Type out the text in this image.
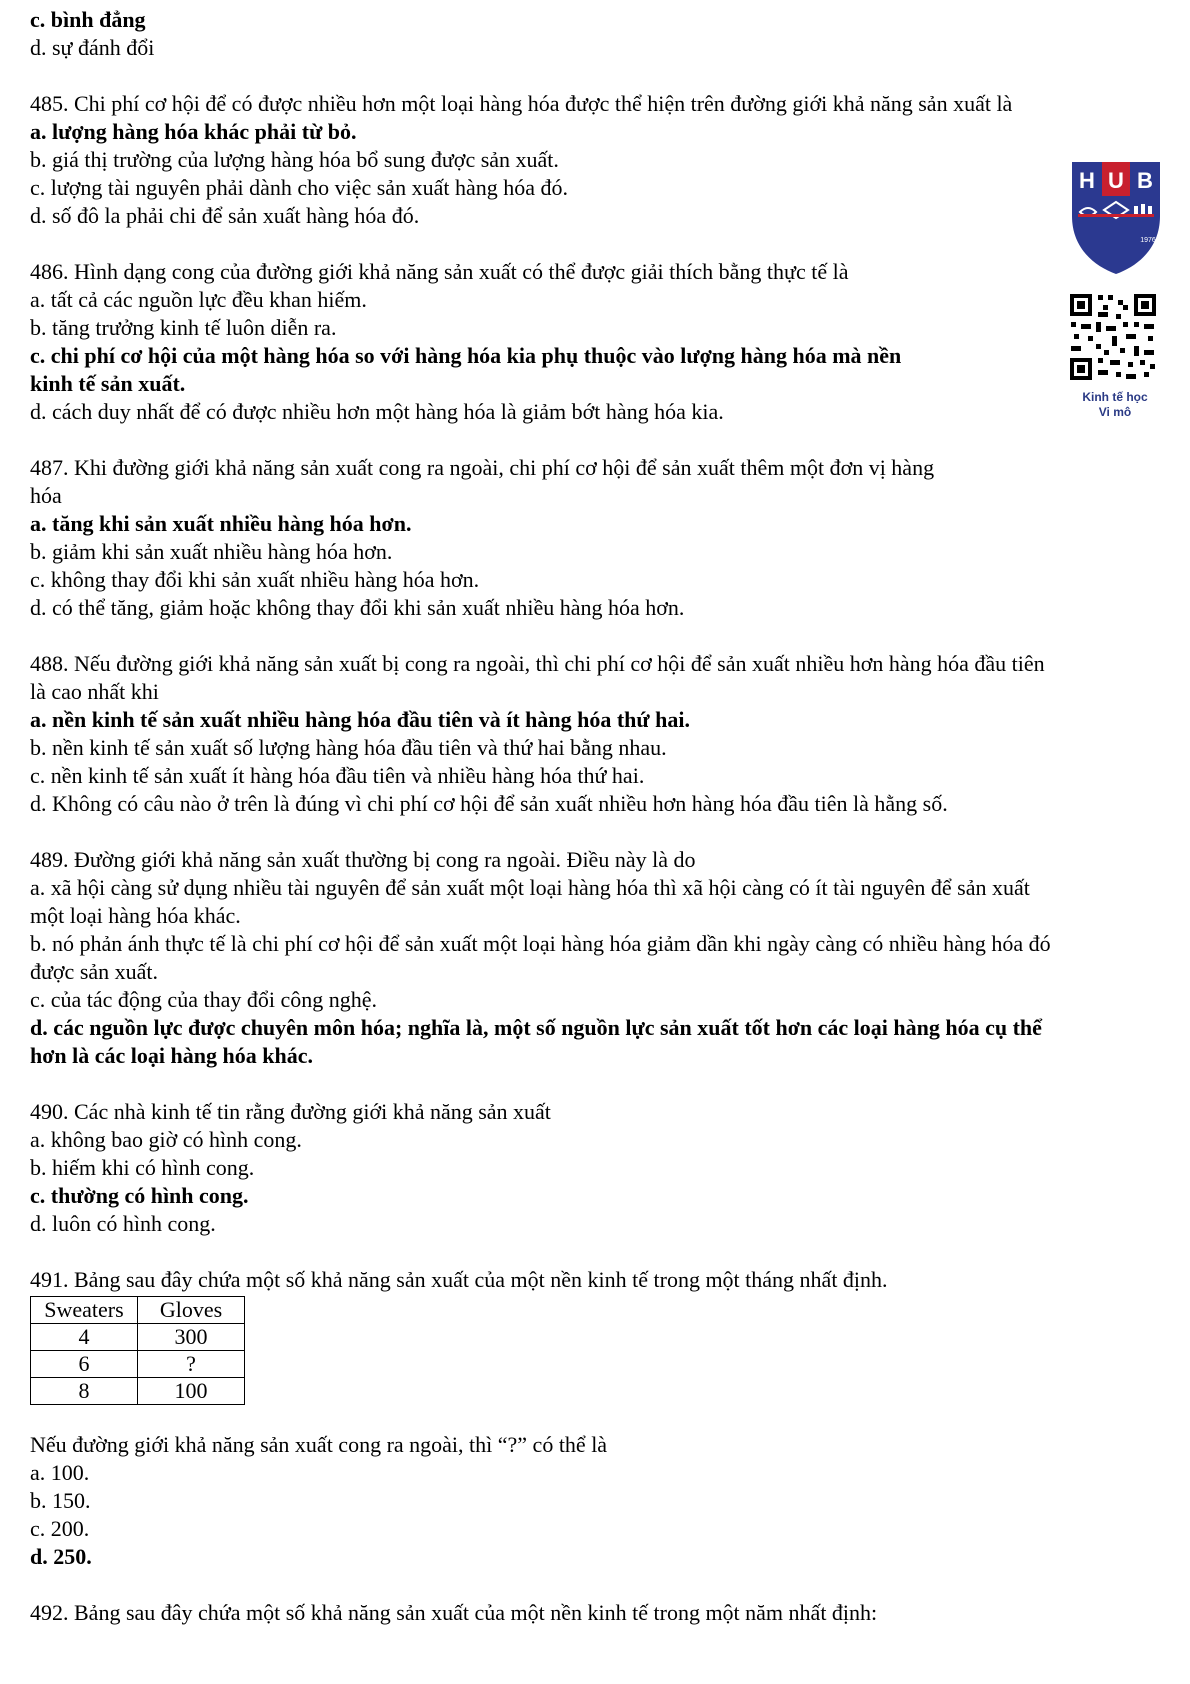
c. bình đẳng
d. sự đánh đổi
485. Chi phí cơ hội để có được nhiều hơn một loại hàng hóa được thể hiện trên đường giới khả năng sản xuất là
a. lượng hàng hóa khác phải từ bỏ.
b. giá thị trường của lượng hàng hóa bổ sung được sản xuất.
c. lượng tài nguyên phải dành cho việc sản xuất hàng hóa đó.
d. số đô la phải chi để sản xuất hàng hóa đó.
486. Hình dạng cong của đường giới khả năng sản xuất có thể được giải thích bằng thực tế là
a. tất cả các nguồn lực đều khan hiếm.
b. tăng trưởng kinh tế luôn diễn ra.
c. chi phí cơ hội của một hàng hóa so với hàng hóa kia phụ thuộc vào lượng hàng hóa mà nền
kinh tế sản xuất.
d. cách duy nhất để có được nhiều hơn một hàng hóa là giảm bớt hàng hóa kia.
487. Khi đường giới khả năng sản xuất cong ra ngoài, chi phí cơ hội để sản xuất thêm một đơn vị hàng
hóa
a. tăng khi sản xuất nhiều hàng hóa hơn.
b. giảm khi sản xuất nhiều hàng hóa hơn.
c. không thay đổi khi sản xuất nhiều hàng hóa hơn.
d. có thể tăng, giảm hoặc không thay đổi khi sản xuất nhiều hàng hóa hơn.
488. Nếu đường giới khả năng sản xuất bị cong ra ngoài, thì chi phí cơ hội để sản xuất nhiều hơn hàng hóa đầu tiên
là cao nhất khi
a. nền kinh tế sản xuất nhiều hàng hóa đầu tiên và ít hàng hóa thứ hai.
b. nền kinh tế sản xuất số lượng hàng hóa đầu tiên và thứ hai bằng nhau.
c. nền kinh tế sản xuất ít hàng hóa đầu tiên và nhiều hàng hóa thứ hai.
d. Không có câu nào ở trên là đúng vì chi phí cơ hội để sản xuất nhiều hơn hàng hóa đầu tiên là hằng số.
489. Đường giới khả năng sản xuất thường bị cong ra ngoài. Điều này là do
a. xã hội càng sử dụng nhiều tài nguyên để sản xuất một loại hàng hóa thì xã hội càng có ít tài nguyên để sản xuất
một loại hàng hóa khác.
b. nó phản ánh thực tế là chi phí cơ hội để sản xuất một loại hàng hóa giảm dần khi ngày càng có nhiều hàng hóa đó
được sản xuất.
c. của tác động của thay đổi công nghệ.
d. các nguồn lực được chuyên môn hóa; nghĩa là, một số nguồn lực sản xuất tốt hơn các loại hàng hóa cụ thể
hơn là các loại hàng hóa khác.
490. Các nhà kinh tế tin rằng đường giới khả năng sản xuất
a. không bao giờ có hình cong.
b. hiếm khi có hình cong.
c. thường có hình cong.
d. luôn có hình cong.
491. Bảng sau đây chứa một số khả năng sản xuất của một nền kinh tế trong một tháng nhất định.
Sweaters	Gloves
4	300
6	?
8	100
Nếu đường giới khả năng sản xuất cong ra ngoài, thì “?” có thể là
a. 100.
b. 150.
c. 200.
d. 250.
492. Bảng sau đây chứa một số khả năng sản xuất của một nền kinh tế trong một năm nhất định:
H U B
1976
Kinh tế học
Vi mô
